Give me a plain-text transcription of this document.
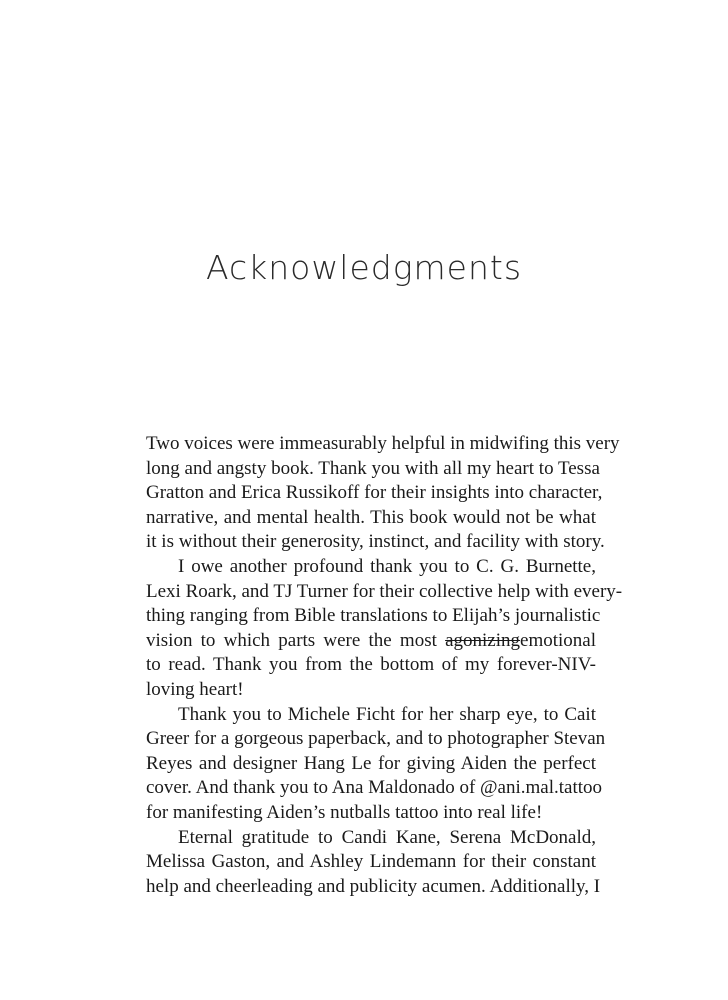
Acknowledgments
Two voices were immeasurably helpful in midwifing this very
long and angsty book. Thank you with all my heart to Tessa
Gratton and Erica Russikoff for their insights into character,
narrative, and mental health. This book would not be what
it is without their generosity, instinct, and facility with story.
I owe another profound thank you to C. G. Burnette,
Lexi Roark, and TJ Turner for their collective help with every-
thing ranging from Bible translations to Elijah’s journalistic
vision to which parts were the most agonizingemotional
to read. Thank you from the bottom of my forever-NIV-
loving heart!
Thank you to Michele Ficht for her sharp eye, to Cait
Greer for a gorgeous paperback, and to photographer Stevan
Reyes and designer Hang Le for giving Aiden the perfect
cover. And thank you to Ana Maldonado of @ani.mal.tattoo
for manifesting Aiden’s nutballs tattoo into real life!
Eternal gratitude to Candi Kane, Serena McDonald,
Melissa Gaston, and Ashley Lindemann for their constant
help and cheerleading and publicity acumen. Additionally, I
